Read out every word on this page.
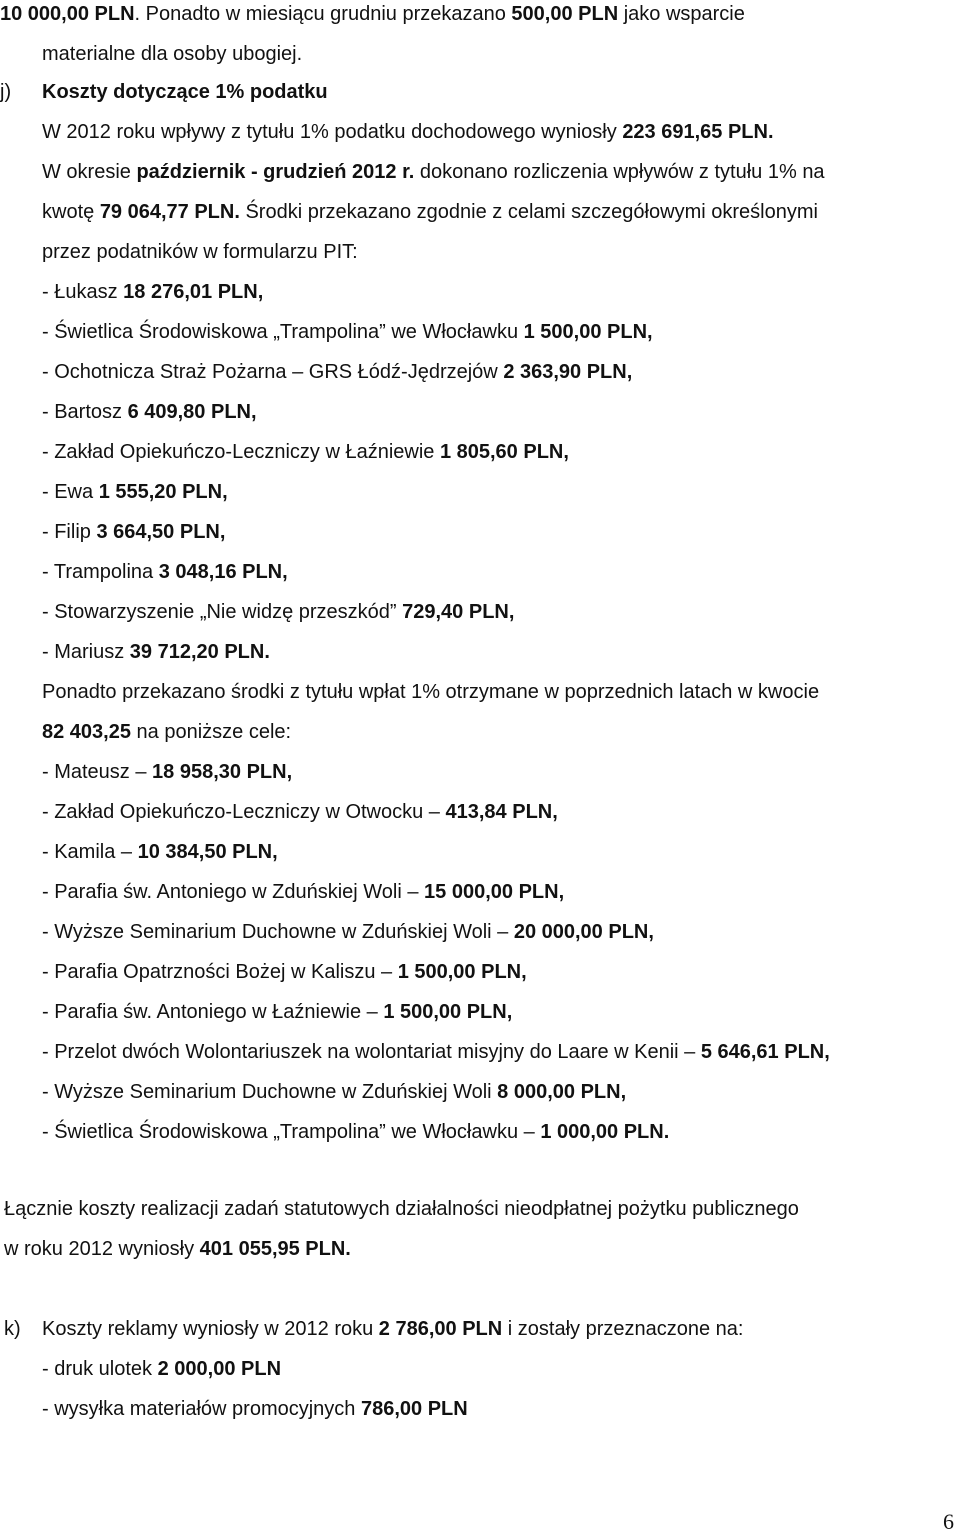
10 000,00 PLN. Ponadto w miesiącu grudniu przekazano 500,00 PLN jako wsparcie
materialne dla osoby ubogiej.
j) Koszty dotyczące 1% podatku
W 2012 roku wpływy z tytułu 1% podatku dochodowego wyniosły 223 691,65 PLN.
W okresie październik - grudzień 2012 r. dokonano rozliczenia wpływów z tytułu 1% na
kwotę 79 064,77 PLN. Środki przekazano zgodnie z celami szczegółowymi określonymi
przez podatników w formularzu PIT:
- Łukasz 18 276,01 PLN,
- Świetlica Środowiskowa „Trampolina” we Włocławku 1 500,00 PLN,
- Ochotnicza Straż Pożarna – GRS Łódź-Jędrzejów 2 363,90 PLN,
- Bartosz 6 409,80 PLN,
- Zakład Opiekuńczo-Leczniczy w Łaźniewie 1 805,60 PLN,
- Ewa 1 555,20 PLN,
- Filip 3 664,50 PLN,
- Trampolina 3 048,16 PLN,
- Stowarzyszenie „Nie widzę przeszkód” 729,40 PLN,
- Mariusz 39 712,20 PLN.
Ponadto przekazano środki z tytułu wpłat 1% otrzymane w poprzednich latach w kwocie
82 403,25 na poniższe cele:
- Mateusz – 18 958,30 PLN,
- Zakład Opiekuńczo-Leczniczy w Otwocku – 413,84 PLN,
- Kamila – 10 384,50 PLN,
- Parafia św. Antoniego w Zduńskiej Woli – 15 000,00 PLN,
- Wyższe Seminarium Duchowne w Zduńskiej Woli – 20 000,00 PLN,
- Parafia Opatrzności Bożej w Kaliszu – 1 500,00 PLN,
- Parafia św. Antoniego w Łaźniewie – 1 500,00 PLN,
- Przelot dwóch Wolontariuszek na wolontariat misyjny do Laare w Kenii – 5 646,61 PLN,
- Wyższe Seminarium Duchowne w Zduńskiej Woli 8 000,00 PLN,
- Świetlica Środowiskowa „Trampolina” we Włocławku – 1 000,00 PLN.
Łącznie koszty realizacji zadań statutowych działalności nieodpłatnej pożytku publicznego
w roku 2012 wyniosły 401 055,95 PLN.
k) Koszty reklamy wyniosły w 2012 roku 2 786,00 PLN i zostały przeznaczone na:
- druk ulotek 2 000,00 PLN
- wysyłka materiałów promocyjnych 786,00 PLN
6
